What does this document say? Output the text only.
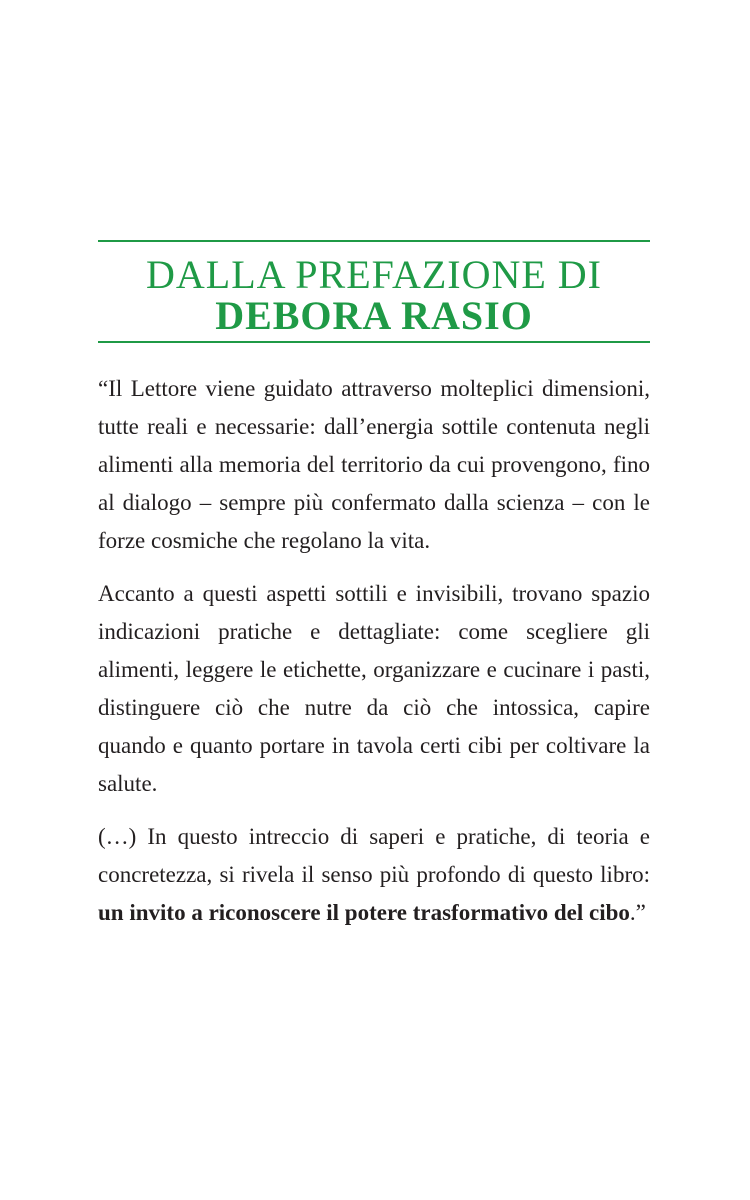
DALLA PREFAZIONE DI
DEBORA RASIO

“Il Lettore viene guidato attraverso molteplici dimensioni, tutte reali e necessarie: dall’energia sottile contenuta negli alimenti alla memoria del territorio da cui provengono, fino al dialogo – sempre più confermato dalla scienza – con le forze cosmiche che regolano la vita.

Accanto a questi aspetti sottili e invisibili, trovano spazio indicazioni pratiche e dettagliate: come scegliere gli alimenti, leggere le etichette, organizzare e cucinare i pasti, distinguere ciò che nutre da ciò che intossica, capire quando e quanto portare in tavola certi cibi per coltivare la salute.

(…) In questo intreccio di saperi e pratiche, di teoria e concretezza, si rivela il senso più profondo di questo libro: un invito a riconoscere il potere trasformativo del cibo.”
